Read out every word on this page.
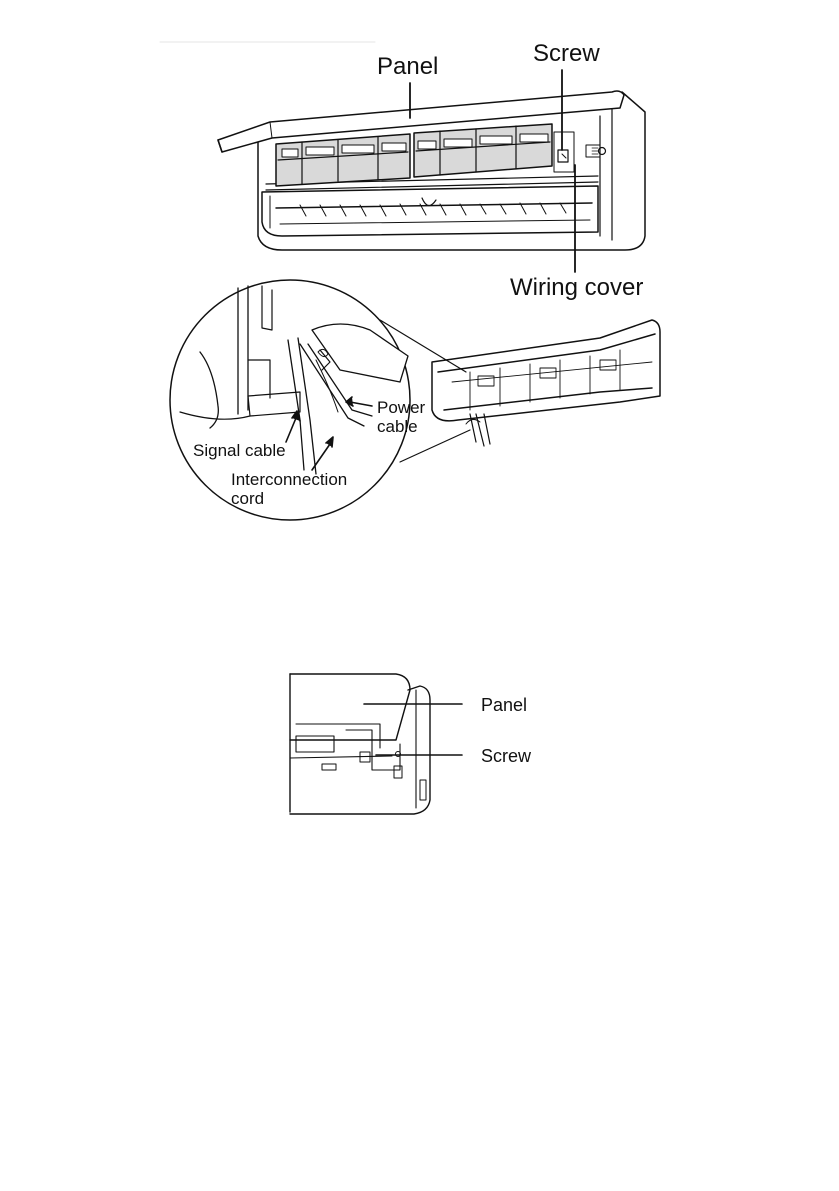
Panel	Screw
Wiring cover
Power
cable
Signal cable
Interconnection
cord
Panel
Screw
